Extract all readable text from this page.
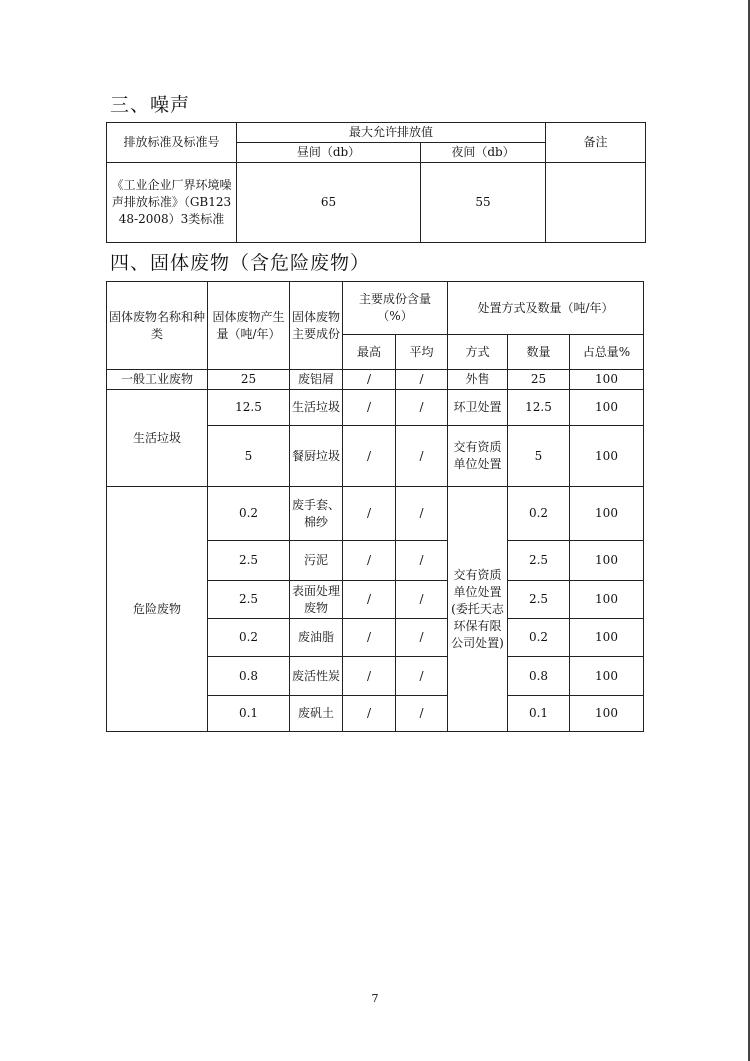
三、噪声
排放标准及标准号	最大允许排放值		备注
	昼间（db）	夜间（db）	
《工业企业厂界环境噪声排放标准》（GB12348-2008）3类标准	65	55	
四、固体废物（含危险废物）
固体废物名称和种类	固体废物产生量（吨/年）	固体废物主要成份	主要成份含量（%）		处置方式及数量（吨/年）		
			最高	平均	方式	数量	占总量%
一般工业废物	25	废铝屑	/	/	外售	25	100
生活垃圾	12.5	生活垃圾	/	/	环卫处置	12.5	100
	5	餐厨垃圾	/	/	交有资质单位处置	5	100
危险废物	0.2	废手套、棉纱	/	/	交有资质单位处置(委托天志环保有限公司处置)	0.2	100
	2.5	污泥	/	/		2.5	100
	2.5	表面处理废物	/	/		2.5	100
	0.2	废油脂	/	/		0.2	100
	0.8	废活性炭	/	/		0.8	100
	0.1	废矾土	/	/		0.1	100
7
